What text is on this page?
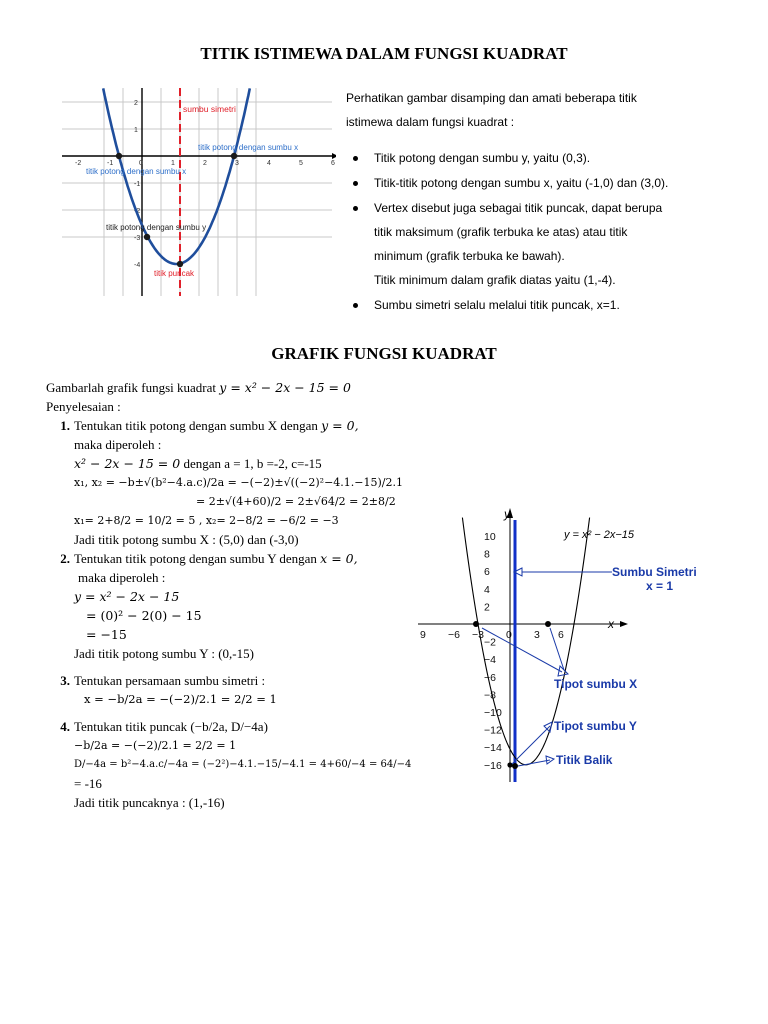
TITIK ISTIMEWA DALAM FUNGSI KUADRAT
GRAFIK FUNGSI KUADRAT
-2	-1	0	1	2	3	4	5	6
2
1
-1
-2
-3
-4
sumbu simetri
titik potong dengan sumbu x
titik potong dengan sumbu x
titik potong dengan sumbu y
titik puncak
Perhatikan gambar disamping dan amati beberapa titik
istimewa dalam fungsi kuadrat :
Titik potong dengan sumbu y, yaitu (0,3).
Titik-titik potong dengan sumbu x, yaitu (-1,0) dan (3,0).
Vertex disebut juga sebagai titik puncak, dapat berupa
titik maksimum (grafik terbuka ke atas) atau titik
minimum (grafik terbuka ke bawah).
Titik minimum dalam grafik diatas yaitu (1,-4).
Sumbu simetri selalu melalui titik puncak, x=1.
Gambarlah grafik fungsi kuadrat y = x² − 2x − 15 = 0
Penyelesaian :
1. Tentukan titik potong dengan sumbu X dengan y = 0,
maka diperoleh :
x² − 2x − 15 = 0 dengan a = 1, b =-2, c=-15
x₁, x₂ = −b±√(b²−4.a.c)/2a = −(−2)±√((−2)²−4.1.−15)/2.1
= 2±√(4+60)/2 = 2±√64/2 = 2±8/2
x₁= 2+8/2 = 10/2 = 5 , x₂= 2−8/2 = −6/2 = −3
Jadi titik potong sumbu X : (5,0) dan (-3,0)
2. Tentukan titik potong dengan sumbu Y dengan x = 0,
maka diperoleh :
y = x² − 2x − 15
= (0)² − 2(0) − 15
= −15
Jadi titik potong sumbu Y : (0,-15)
3. Tentukan persamaan sumbu simetri :
x = −b/2a = −(−2)/2.1 = 2/2 = 1
4. Tentukan titik puncak (−b/2a, D/−4a)
−b/2a = −(−2)/2.1 = 2/2 = 1
D/−4a = b²−4.a.c/−4a = (−2²)−4.1.−15/−4.1 = 4+60/−4 = 64/−4
= -16
Jadi titik puncaknya : (1,-16)
y
x
9 −6 −3 0 3 6
10
8
6
4
2
−2
−4
−6
−8
−10
−12
−14
−16
y = x² − 2x−15
Sumbu Simetri
x = 1
Tipot sumbu X
Tipot sumbu Y
Titik Balik
